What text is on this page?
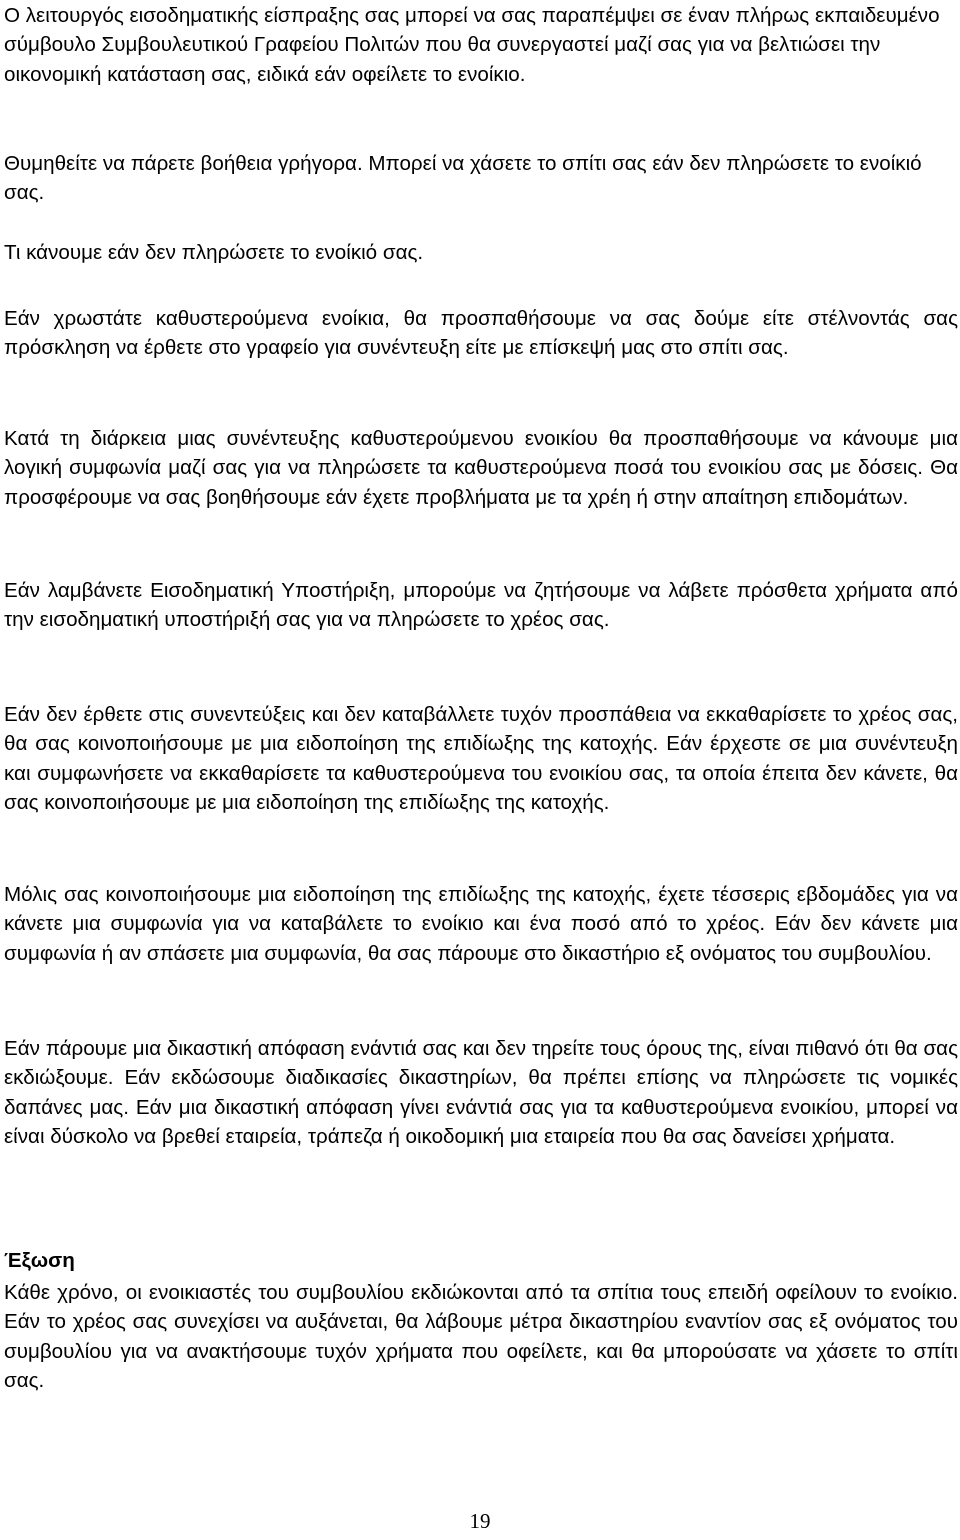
Ο λειτουργός εισοδηματικής είσπραξης σας μπορεί να σας παραπέμψει σε έναν πλήρως εκπαιδευμένο σύμβουλο Συμβουλευτικού Γραφείου Πολιτών που θα συνεργαστεί μαζί σας για να βελτιώσει την οικονομική κατάσταση σας, ειδικά εάν οφείλετε το ενοίκιο.

Θυμηθείτε να πάρετε βοήθεια γρήγορα. Μπορεί να χάσετε το σπίτι σας εάν δεν πληρώσετε το ενοίκιό σας.

Τι κάνουμε εάν δεν πληρώσετε το ενοίκιό σας.

Εάν χρωστάτε καθυστερούμενα ενοίκια, θα προσπαθήσουμε να σας δούμε είτε στέλνοντάς σας πρόσκληση να έρθετε στο γραφείο για συνέντευξη είτε με επίσκεψή μας στο σπίτι σας.

Κατά τη διάρκεια μιας συνέντευξης καθυστερούμενου ενοικίου θα προσπαθήσουμε να κάνουμε μια λογική συμφωνία μαζί σας για να πληρώσετε τα καθυστερούμενα ποσά του ενοικίου σας με δόσεις. Θα προσφέρουμε να σας βοηθήσουμε εάν έχετε προβλήματα με τα χρέη ή στην απαίτηση επιδομάτων.

Εάν λαμβάνετε Εισοδηματική Υποστήριξη, μπορούμε να ζητήσουμε να λάβετε πρόσθετα χρήματα από την εισοδηματική υποστήριξή σας για να πληρώσετε το χρέος σας.

Εάν δεν έρθετε στις συνεντεύξεις και δεν καταβάλλετε τυχόν προσπάθεια να εκκαθαρίσετε το χρέος σας, θα σας κοινοποιήσουμε με μια ειδοποίηση της επιδίωξης της κατοχής. Εάν έρχεστε σε μια συνέντευξη και συμφωνήσετε να εκκαθαρίσετε τα καθυστερούμενα του ενοικίου σας, τα οποία έπειτα δεν κάνετε, θα σας κοινοποιήσουμε με μια ειδοποίηση της επιδίωξης της κατοχής.

Μόλις σας κοινοποιήσουμε μια ειδοποίηση της επιδίωξης της κατοχής, έχετε τέσσερις εβδομάδες για να κάνετε μια συμφωνία για να καταβάλετε το ενοίκιο και ένα ποσό από το χρέος. Εάν δεν κάνετε μια συμφωνία ή αν σπάσετε μια συμφωνία, θα σας πάρουμε στο δικαστήριο εξ ονόματος του συμβουλίου.

Εάν πάρουμε μια δικαστική απόφαση ενάντιά σας και δεν τηρείτε τους όρους της, είναι πιθανό ότι θα σας εκδιώξουμε. Εάν εκδώσουμε διαδικασίες δικαστηρίων, θα πρέπει επίσης να πληρώσετε τις νομικές δαπάνες μας. Εάν μια δικαστική απόφαση γίνει ενάντιά σας για τα καθυστερούμενα ενοικίου, μπορεί να είναι δύσκολο να βρεθεί εταιρεία, τράπεζα ή οικοδομική μια εταιρεία που θα σας δανείσει χρήματα.

Έξωση

Κάθε χρόνο, οι ενοικιαστές του συμβουλίου εκδιώκονται από τα σπίτια τους επειδή οφείλουν το ενοίκιο. Εάν το χρέος σας συνεχίσει να αυξάνεται, θα λάβουμε μέτρα δικαστηρίου εναντίον σας εξ ονόματος του συμβουλίου για να ανακτήσουμε τυχόν χρήματα που οφείλετε, και θα μπορούσατε να χάσετε το σπίτι σας.

19
